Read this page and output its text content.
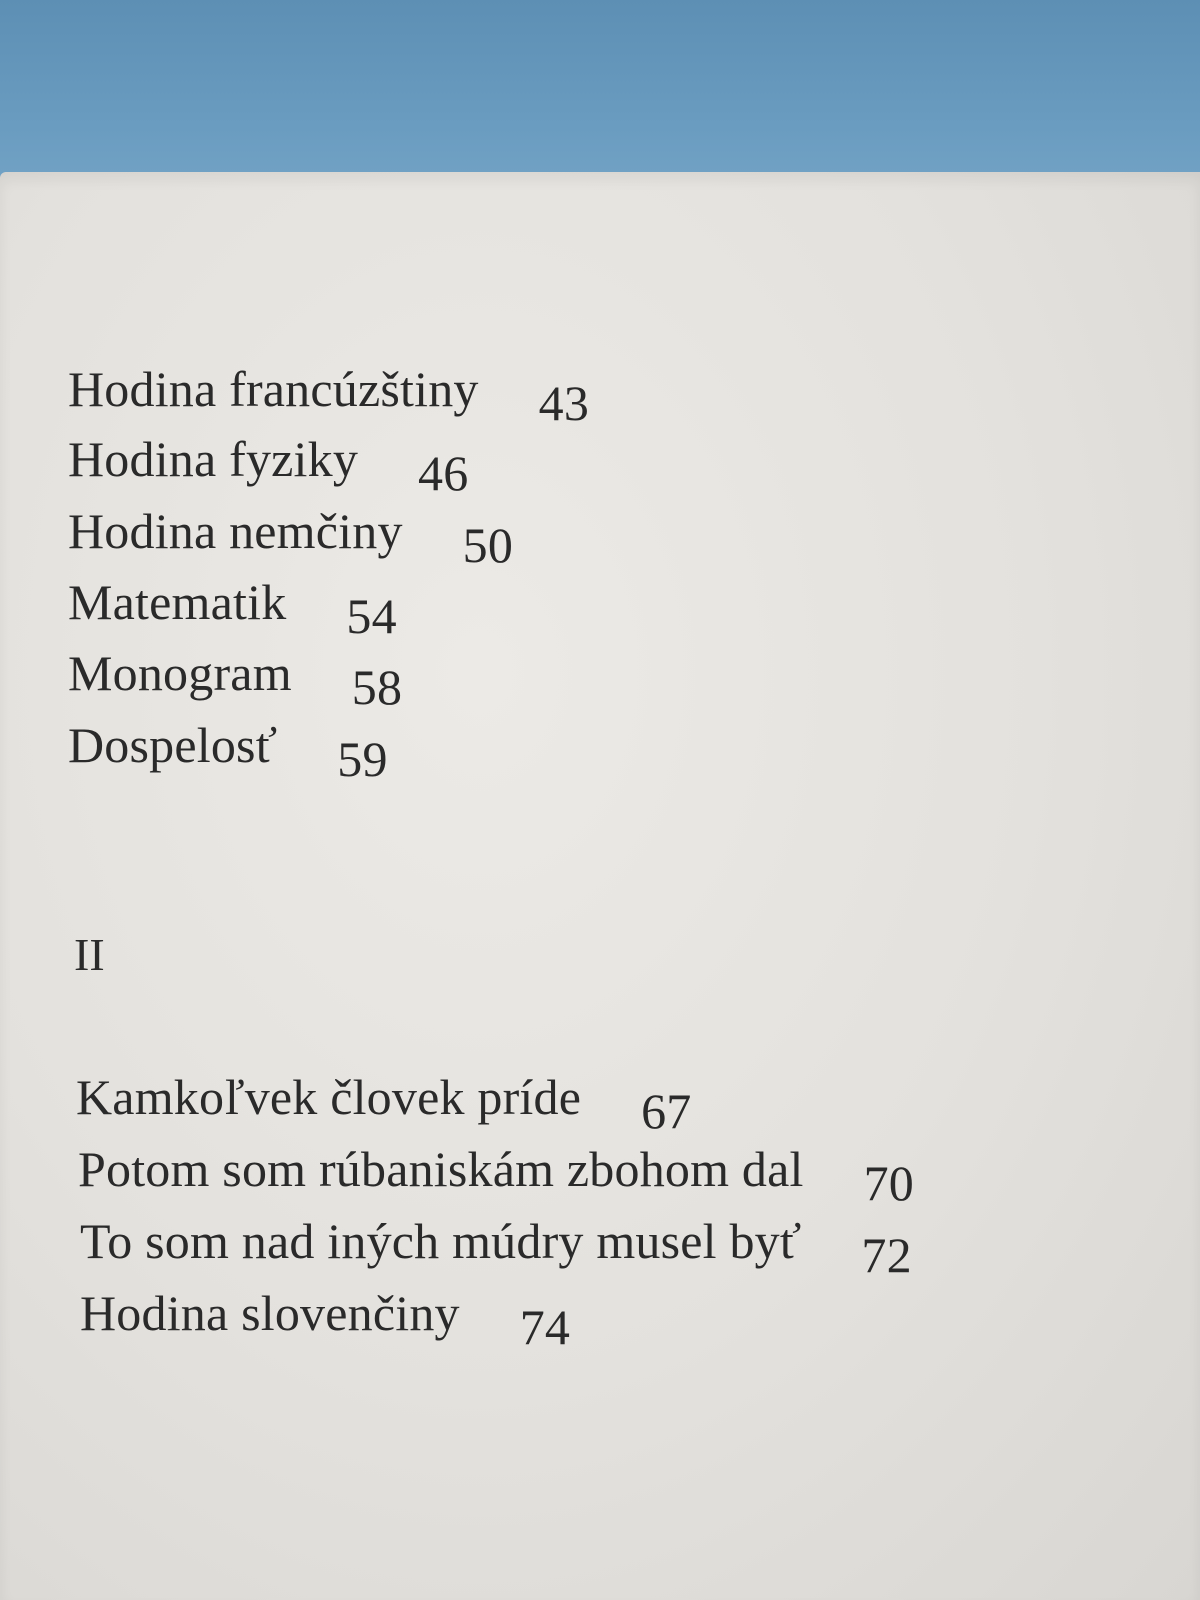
Hodina francúzštiny 43
Hodina fyziky 46
Hodina nemčiny 50
Matematik 54
Monogram 58
Dospelosť 59
II
Kamkoľvek človek príde 67
Potom som rúbaniskám zbohom dal 70
To som nad iných múdry musel byť 72
Hodina slovenčiny 74
